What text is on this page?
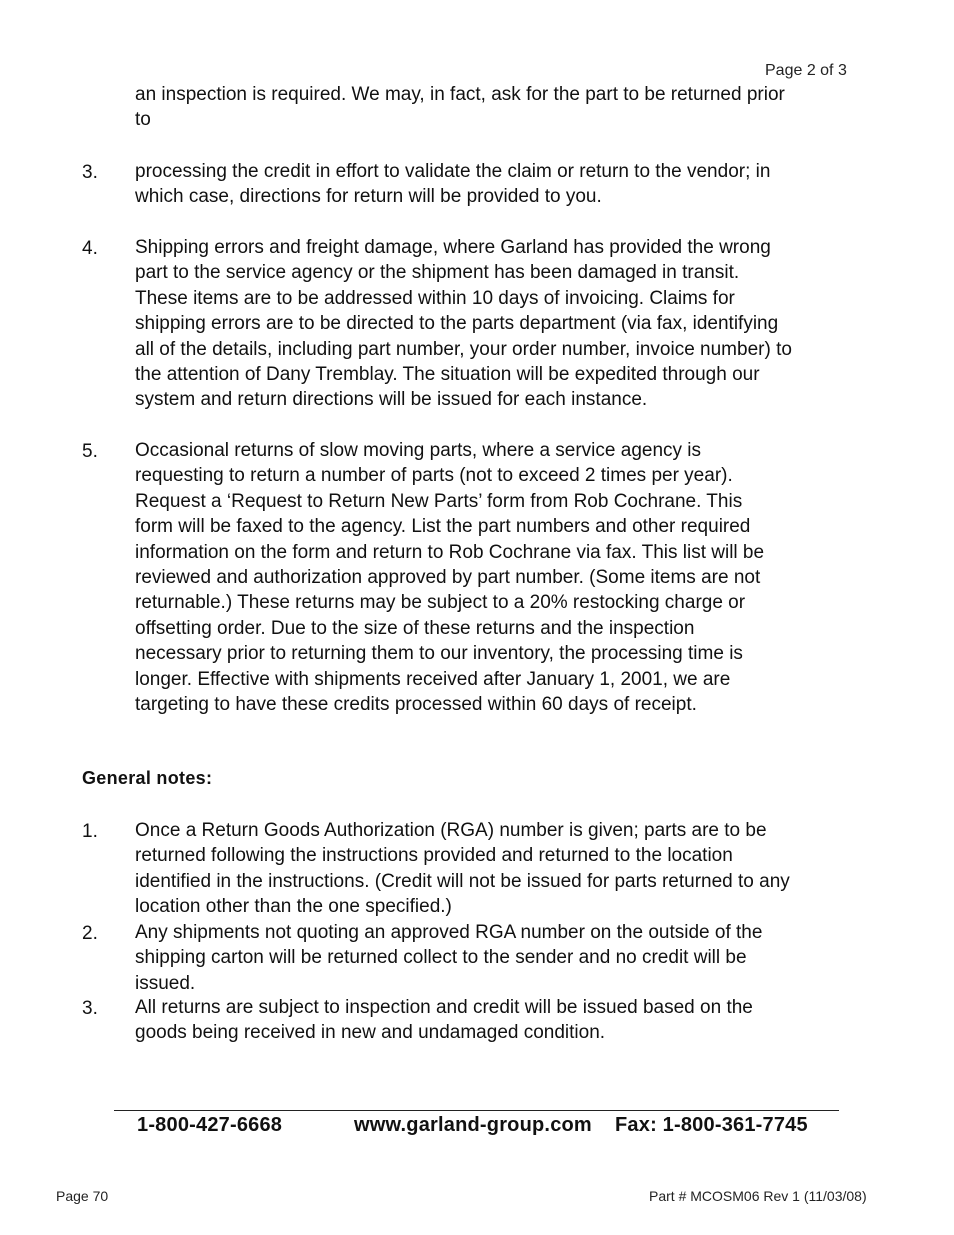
Page 2 of 3
an inspection is required. We may, in fact, ask for the part to be returned prior
to
3. processing the credit in effort to validate the claim or return to the vendor; in
which case, directions for return will be provided to you.
4. Shipping errors and freight damage, where Garland has provided the wrong
part to the service agency or the shipment has been damaged in transit.
These items are to be addressed within 10 days of invoicing. Claims for
shipping errors are to be directed to the parts department (via fax, identifying
all of the details, including part number, your order number, invoice number) to
the attention of Dany Tremblay. The situation will be expedited through our
system and return directions will be issued for each instance.
5. Occasional returns of slow moving parts, where a service agency is
requesting to return a number of parts (not to exceed 2 times per year).
Request a ‘Request to Return New Parts’ form from Rob Cochrane. This
form will be faxed to the agency. List the part numbers and other required
information on the form and return to Rob Cochrane via fax. This list will be
reviewed and authorization approved by part number. (Some items are not
returnable.) These returns may be subject to a 20% restocking charge or
offsetting order. Due to the size of these returns and the inspection
necessary prior to returning them to our inventory, the processing time is
longer. Effective with shipments received after January 1, 2001, we are
targeting to have these credits processed within 60 days of receipt.
General notes:
1. Once a Return Goods Authorization (RGA) number is given; parts are to be
returned following the instructions provided and returned to the location
identified in the instructions. (Credit will not be issued for parts returned to any
location other than the one specified.)
2. Any shipments not quoting an approved RGA number on the outside of the
shipping carton will be returned collect to the sender and no credit will be
issued.
3. All returns are subject to inspection and credit will be issued based on the
goods being received in new and undamaged condition.
1-800-427-6668	www.garland-group.com Fax: 1-800-361-7745
Page 70	Part # MCOSM06 Rev 1 (11/03/08)
